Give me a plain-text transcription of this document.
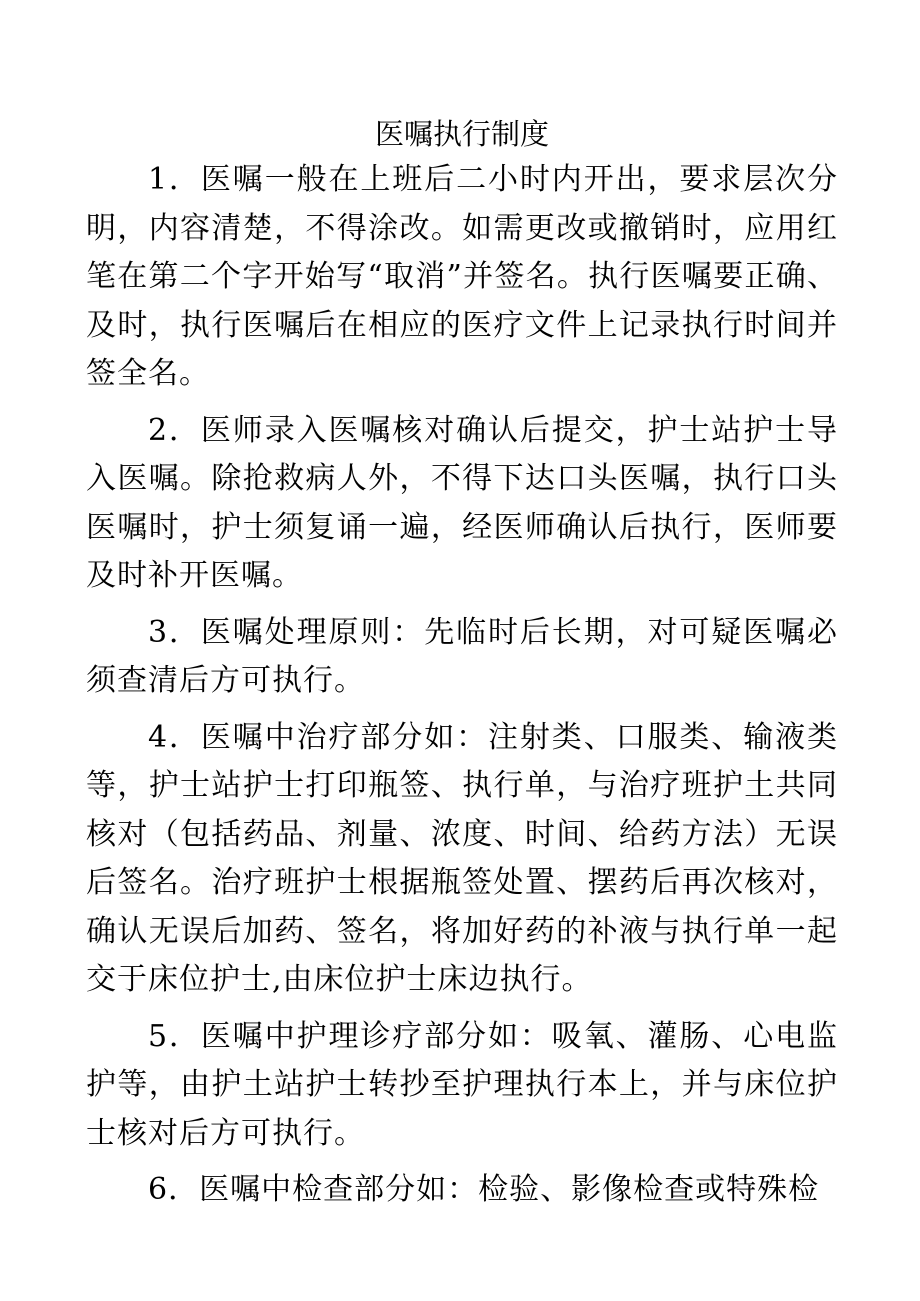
医嘱执行制度

1．医嘱一般在上班后二小时内开出，要求层次分明，内容清楚，不得涂改。如需更改或撤销时，应用红笔在第二个字开始写“取消”并签名。执行医嘱要正确、及时，执行医嘱后在相应的医疗文件上记录执行时间并签全名。

2．医师录入医嘱核对确认后提交，护士站护士导入医嘱。除抢救病人外，不得下达口头医嘱，执行口头医嘱时，护士须复诵一遍，经医师确认后执行，医师要及时补开医嘱。

3．医嘱处理原则：先临时后长期，对可疑医嘱必须查清后方可执行。

4．医嘱中治疗部分如：注射类、口服类、输液类等，护士站护士打印瓶签、执行单，与治疗班护土共同核对（包括药品、剂量、浓度、时间、给药方法）无误后签名。治疗班护士根据瓶签处置、摆药后再次核对，确认无误后加药、签名，将加好药的补液与执行单一起交于床位护士,由床位护士床边执行。

5．医嘱中护理诊疗部分如：吸氧、灌肠、心电监护等，由护土站护士转抄至护理执行本上，并与床位护士核对后方可执行。

6．医嘱中检查部分如：检验、影像检查或特殊检
